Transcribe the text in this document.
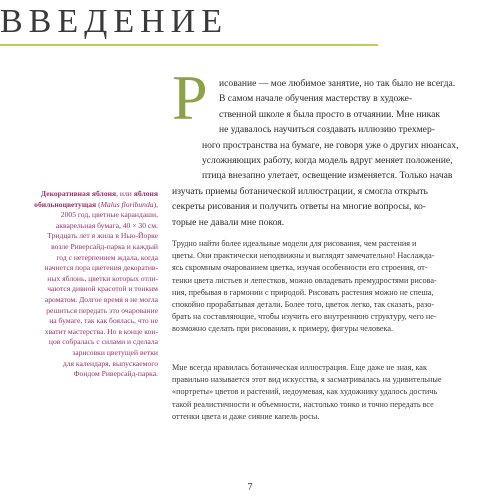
ВВЕДЕНИЕ
Р	исование — мое любимое занятие, но так было не всегда.
В самом начале обучения мастерству в художе-
ственной школе я была просто в отчаянии. Мне никак
не удавалось научиться создавать иллюзию трехмер-
ного пространства на бумаге, не говоря уже о других нюансах,
усложняющих работу, когда модель вдруг меняет положение,
птица внезапно улетает, освещение изменяется. Только начав
изучать приемы ботанической иллюстрации, я смогла открыть
секреты рисования и получить ответы на многие вопросы, ко-
торые не давали мне покоя.

Декоративная яблоня, или яблоня
обильноцветущая (Malus floribunda),
2005 год, цветные карандаши,
акварельная бумага, 40 × 30 см.
Тридцать лет я жила в Нью-Йорке
возле Риверсайд-парка и каждый
год с нетерпением ждала, когда
начнется пора цветения декоратив-
ных яблонь, цветки которых отли-
чаются дивной красотой и тонким
ароматом. Долгое время я не могла
решиться передать это очарование
на бумаге, так как боялась, что не
хватит мастерства. Но в конце кон-
цов собралась с силами и сделала
зарисовки цветущей ветки
для календаря, выпускаемого
Фондом Риверсайд-парка.

Трудно найти более идеальные модели для рисования, чем растения и
цветы. Они практически неподвижны и выглядят замечательно! Наслажда-
ясь скромным очарованием цветка, изучая особенности его строения, от-
тенки цвета листьев и лепестков, можно овладевать премудростями рисова-
ния, пребывая в гармонии с природой. Рисовать растения можно не спеша,
спокойно прорабатывая детали. Более того, цветок легко, так сказать, разо-
брать на составляющие, чтобы изучить его внутреннюю структуру, чего не-
возможно сделать при рисовании, к примеру, фигуры человека.

Мне всегда нравилась ботаническая иллюстрация. Еще даже не зная, как
правильно называется этот вид искусства, я засматривалась на удивительные
«портреты» цветов и растений, недоумевая, как художнику удалось достичь
такой реалистичности и объемности, настолько тонко и точно передать все
оттенки цвета и даже сияние капель росы.

7
